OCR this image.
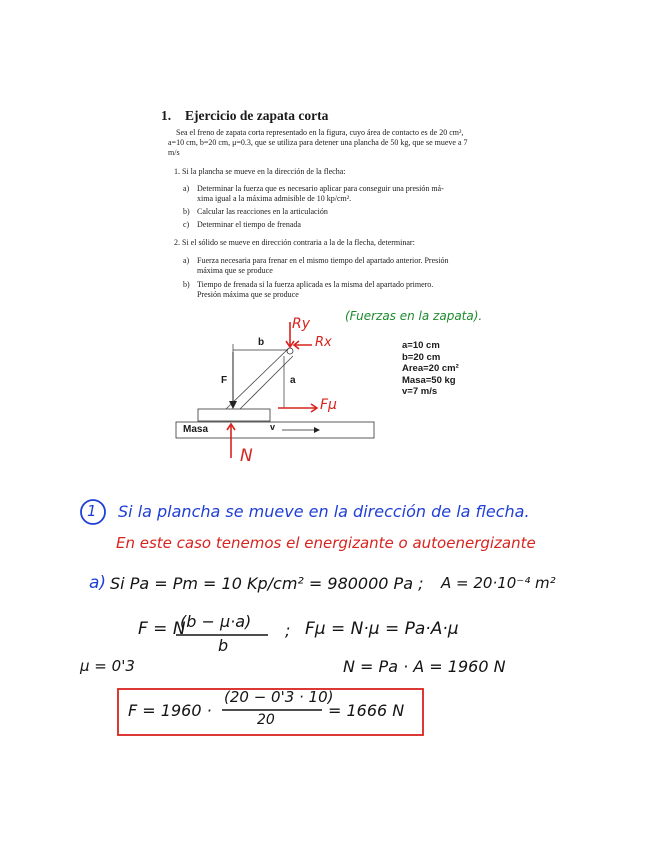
1. Ejercicio de zapata corta
Sea el freno de zapata corta representado en la figura, cuyo área de contacto es de 20 cm², a=10 cm, b=20 cm, μ=0.3, que se utiliza para detener una plancha de 50 kg, que se mueve a 7 m/s
1. Si la plancha se mueve en la dirección de la flecha:
a) Determinar la fuerza que es necesario aplicar para conseguir una presión má-
xima igual a la máxima admisible de 10 kp/cm².
b) Calcular las reacciones en la articulación
c) Determinar el tiempo de frenada
2. Si el sólido se mueve en dirección contraria a la de la flecha, determinar:
a) Fuerza necesaria para frenar en el mismo tiempo del apartado anterior. Presión
máxima que se produce
b) Tiempo de frenada si la fuerza aplicada es la misma del apartado primero.
Presión máxima que se produce
b
F	a
Masa	v
a=10 cm
b=20 cm
Area=20 cm²
Masa=50 kg
v=7 m/s
(Fuerzas en la zapata).
Ry
Rx
Fμ
N
1 Si la plancha se mueve en la dirección de la flecha.
En este caso tenemos el energizante o autoenergizante
a) Si Pa = Pm = 10 Kp/cm² = 980000 Pa ; A = 20·10⁻⁴ m²
F = N
(b − μ·a)
b
; Fμ = N·μ = Pa·A·μ
μ = 0'3	N = Pa · A = 1960 N
F = 1960 ·
(20 − 0'3 · 10)
20	= 1666 N
